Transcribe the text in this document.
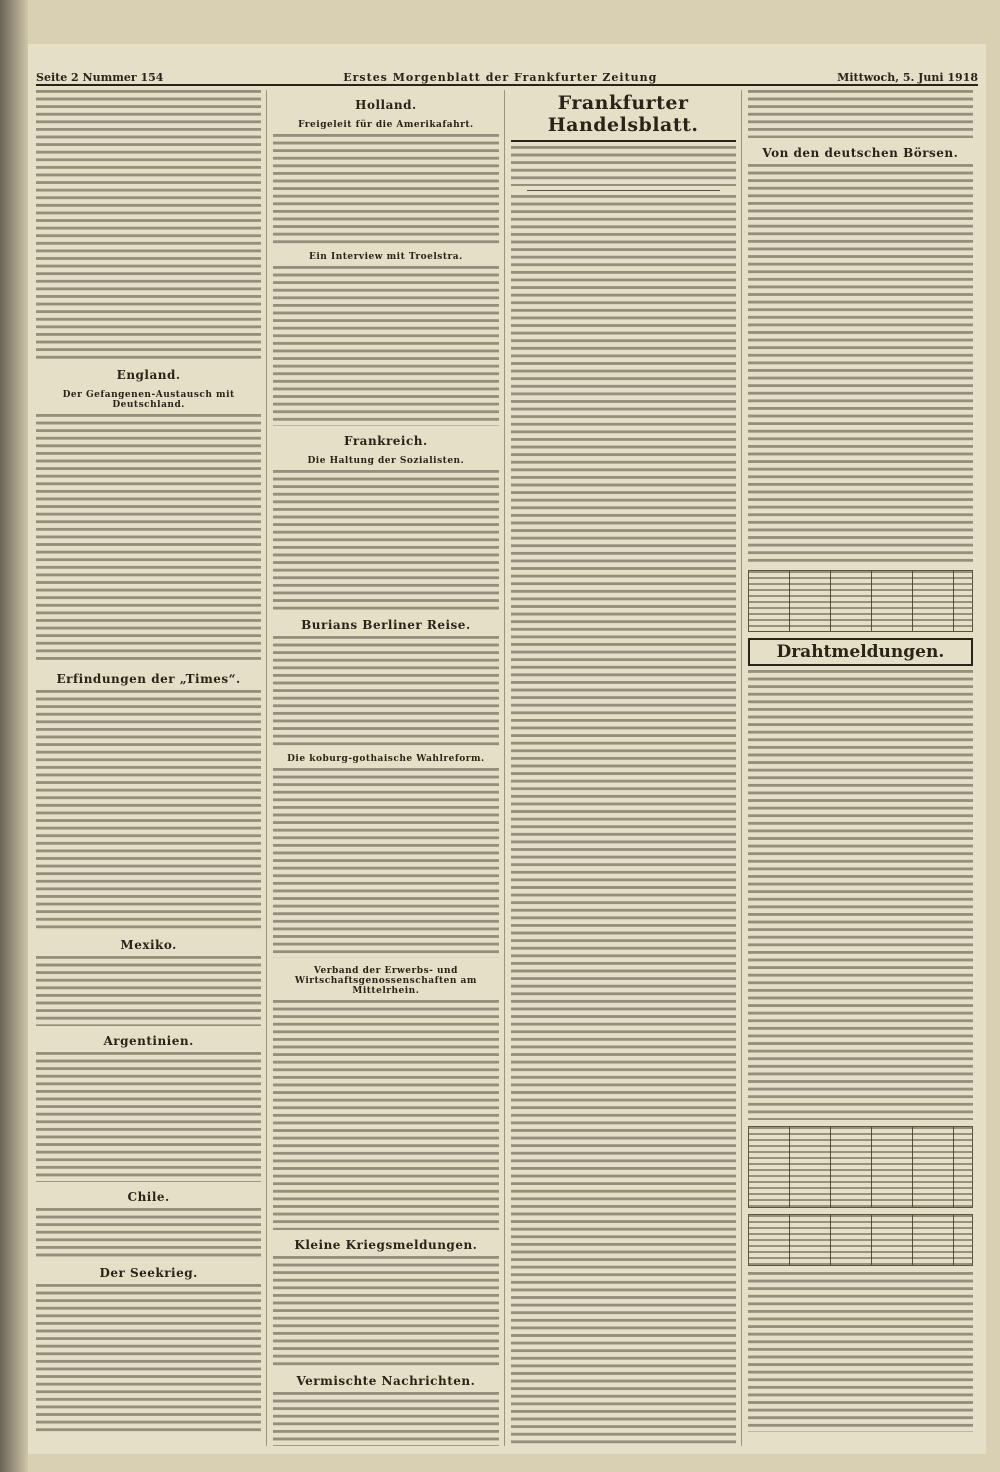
Seite 2 Nummer 154	Erstes Morgenblatt der Frankfurter Zeitung	Mittwoch, 5. Juni 1918
England.
Der Gefangenen-Austausch mit Deutschland.
Erfindungen der „Times“.
Mexiko.
Argentinien.
Chile.
Der Seekrieg.
Holland.
Freigeleit für die Amerikafahrt.
Ein Interview mit Troelstra.
Frankreich.
Die Haltung der Sozialisten.
Burians Berliner Reise.
Die koburg-gothaische Wahlreform.
Verband der Erwerbs- und Wirtschaftsgenossenschaften am Mittelrhein.
Kleine Kriegsmeldungen.
Vermischte Nachrichten.
Frankfurter Handelsblatt.
Von den deutschen Börsen.
Drahtmeldungen.
